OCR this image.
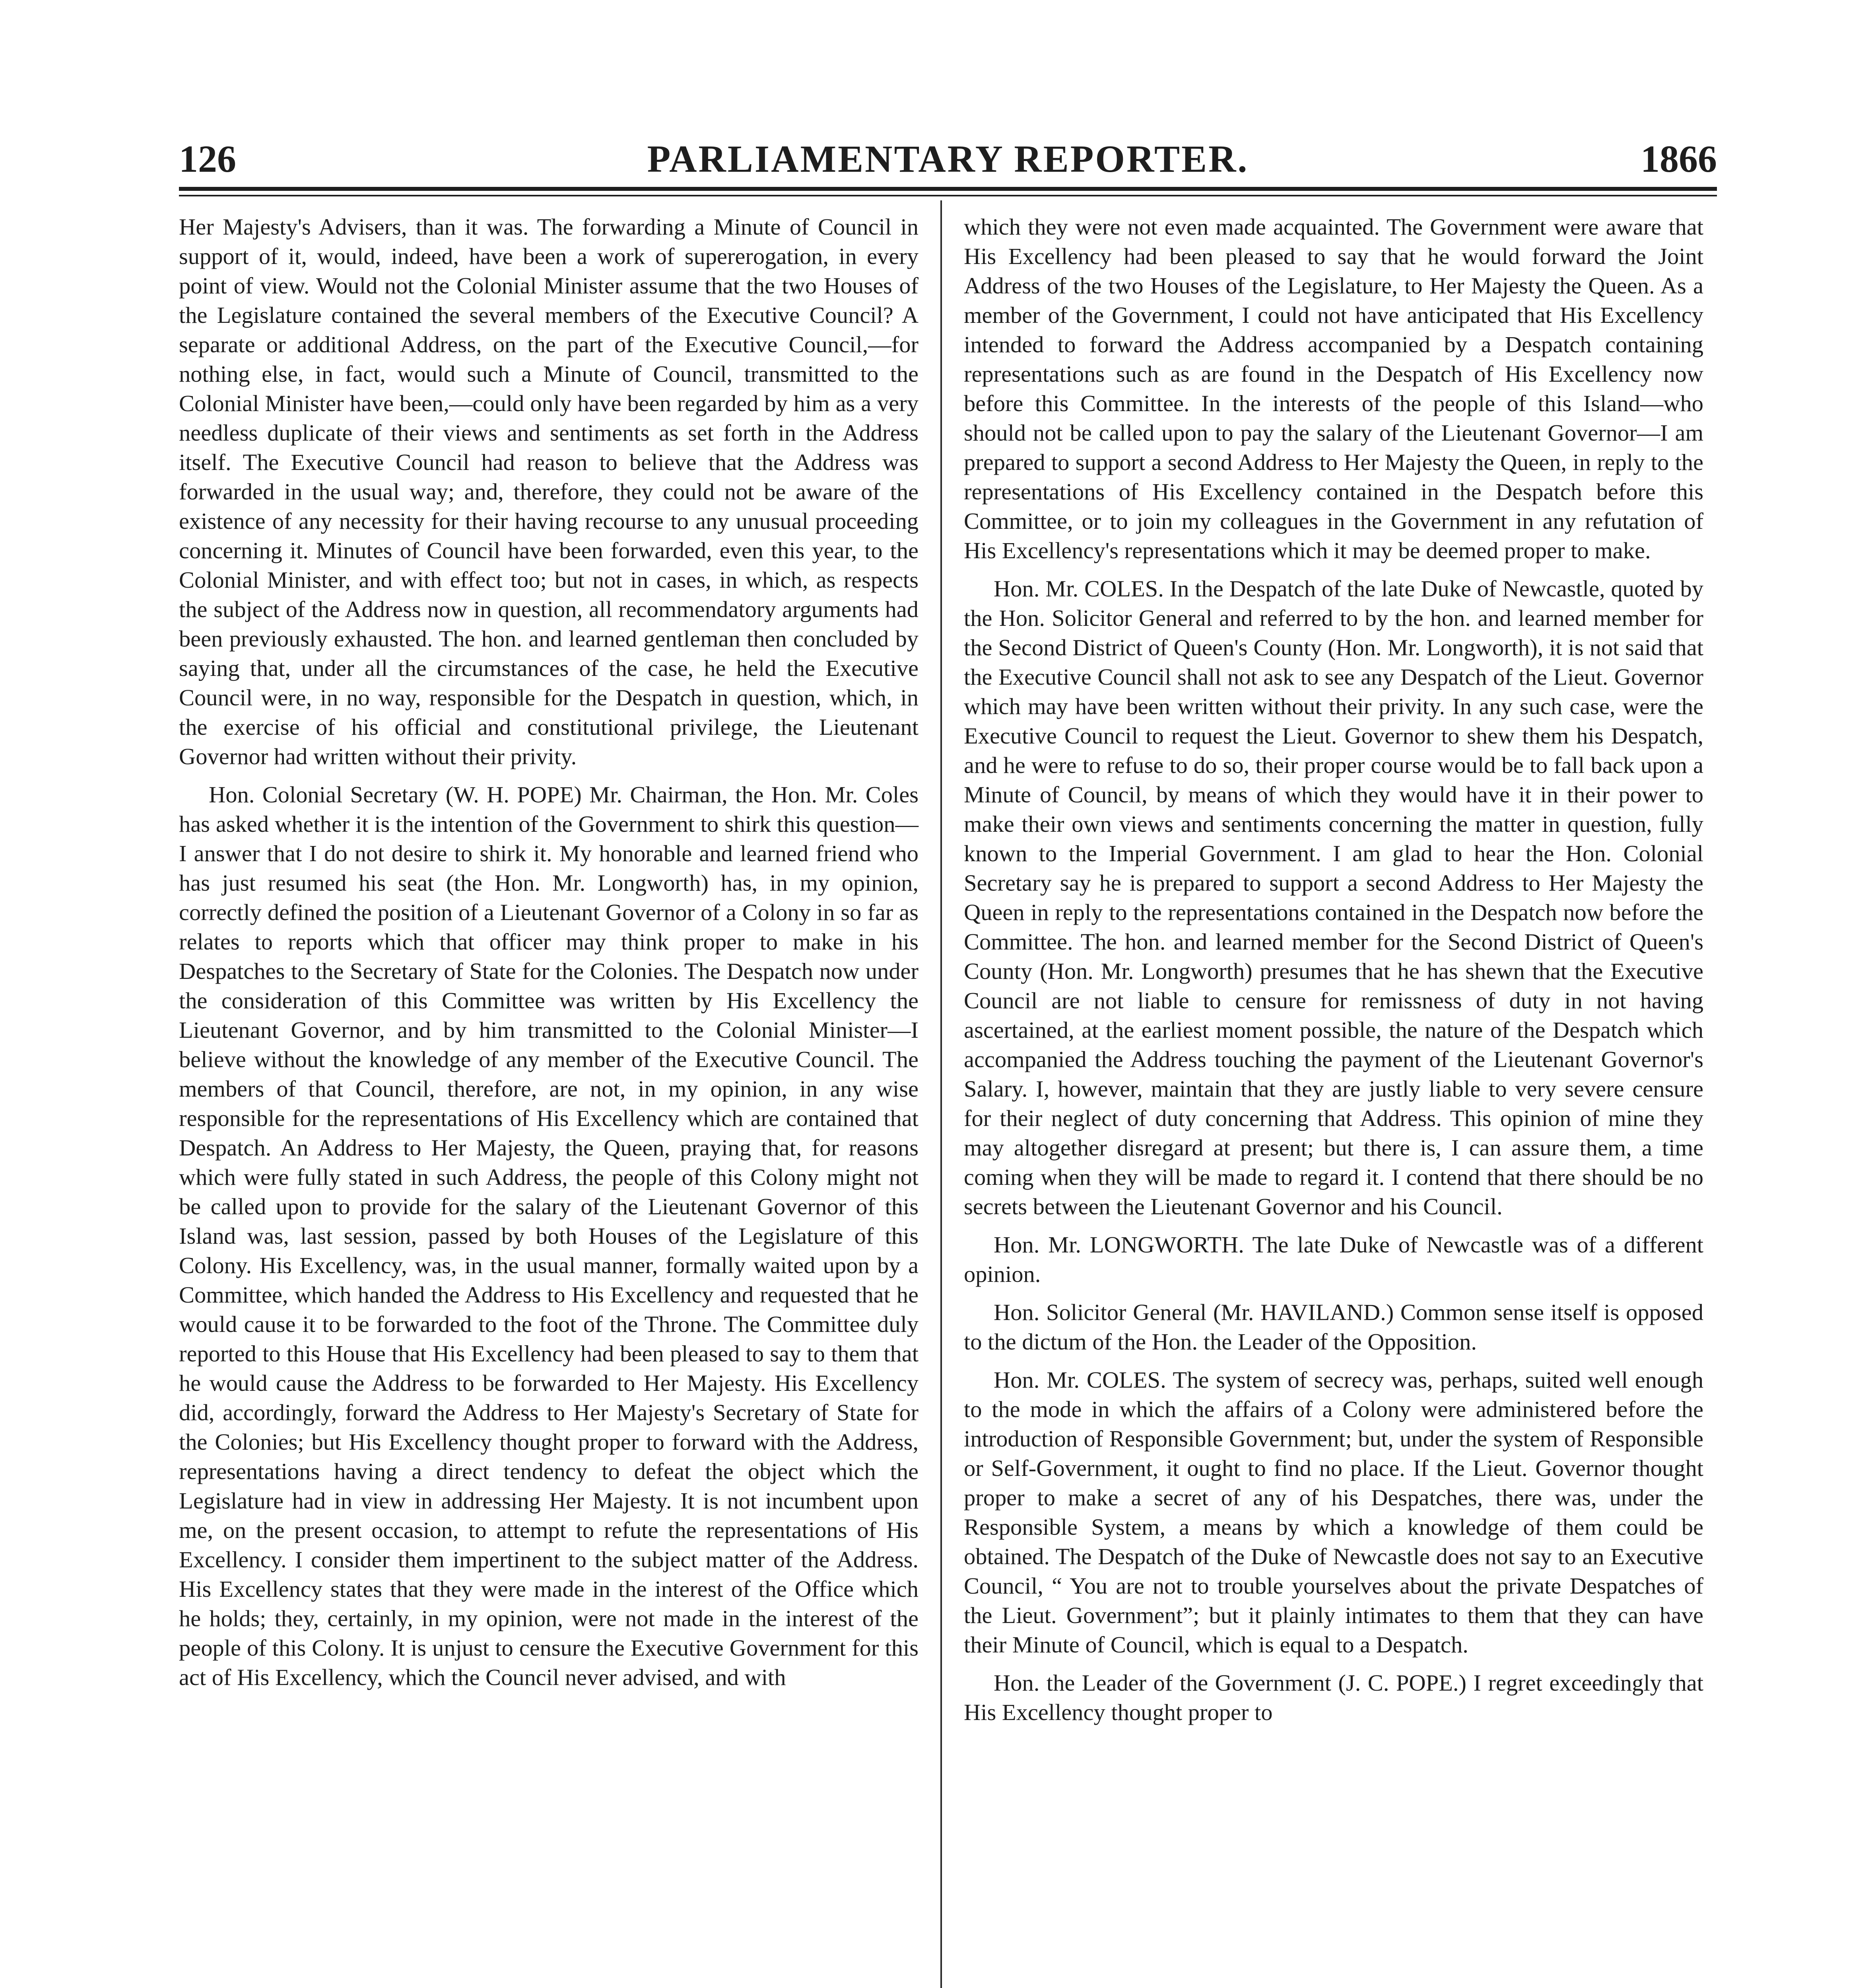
126	PARLIAMENTARY REPORTER.	1866

Her Majesty's Advisers, than it was. The forwarding a Minute of Council in support of it, would, indeed, have been a work of supererogation, in every point of view. Would not the Colonial Minister assume that the two Houses of the Legislature contained the several members of the Executive Council? A separate or additional Address, on the part of the Executive Council,—for nothing else, in fact, would such a Minute of Council, transmitted to the Colonial Minister have been,—could only have been regarded by him as a very needless duplicate of their views and sentiments as set forth in the Address itself. The Executive Council had reason to believe that the Address was forwarded in the usual way; and, therefore, they could not be aware of the existence of any necessity for their having recourse to any unusual proceeding concerning it. Minutes of Council have been forwarded, even this year, to the Colonial Minister, and with effect too; but not in cases, in which, as respects the subject of the Address now in question, all recommendatory arguments had been previously exhausted. The hon. and learned gentleman then concluded by saying that, under all the circumstances of the case, he held the Executive Council were, in no way, responsible for the Despatch in question, which, in the exercise of his official and constitutional privilege, the Lieutenant Governor had written without their privity.

Hon. Colonial Secretary (W. H. POPE) Mr. Chairman, the Hon. Mr. Coles has asked whether it is the intention of the Government to shirk this question—I answer that I do not desire to shirk it. My honorable and learned friend who has just resumed his seat (the Hon. Mr. Longworth) has, in my opinion, correctly defined the position of a Lieutenant Governor of a Colony in so far as relates to reports which that officer may think proper to make in his Despatches to the Secretary of State for the Colonies. The Despatch now under the consideration of this Committee was written by His Excellency the Lieutenant Governor, and by him transmitted to the Colonial Minister—I believe without the knowledge of any member of the Executive Council. The members of that Council, therefore, are not, in my opinion, in any wise responsible for the representations of His Excellency which are contained that Despatch. An Address to Her Majesty, the Queen, praying that, for reasons which were fully stated in such Address, the people of this Colony might not be called upon to provide for the salary of the Lieutenant Governor of this Island was, last session, passed by both Houses of the Legislature of this Colony. His Excellency, was, in the usual manner, formally waited upon by a Committee, which handed the Address to His Excellency and requested that he would cause it to be forwarded to the foot of the Throne. The Committee duly reported to this House that His Excellency had been pleased to say to them that he would cause the Address to be forwarded to Her Majesty. His Excellency did, accordingly, forward the Address to Her Majesty's Secretary of State for the Colonies; but His Excellency thought proper to forward with the Address, representations having a direct tendency to defeat the object which the Legislature had in view in addressing Her Majesty. It is not incumbent upon me, on the present occasion, to attempt to refute the representations of His Excellency. I consider them impertinent to the subject matter of the Address. His Excellency states that they were made in the interest of the Office which he holds; they, certainly, in my opinion, were not made in the interest of the people of this Colony. It is unjust to censure the Executive Government for this act of His Excellency, which the Council never advised, and with

which they were not even made acquainted. The Government were aware that His Excellency had been pleased to say that he would forward the Joint Address of the two Houses of the Legislature, to Her Majesty the Queen. As a member of the Government, I could not have anticipated that His Excellency intended to forward the Address accompanied by a Despatch containing representations such as are found in the Despatch of His Excellency now before this Committee. In the interests of the people of this Island—who should not be called upon to pay the salary of the Lieutenant Governor—I am prepared to support a second Address to Her Majesty the Queen, in reply to the representations of His Excellency contained in the Despatch before this Committee, or to join my colleagues in the Government in any refutation of His Excellency's representations which it may be deemed proper to make.

Hon. Mr. COLES. In the Despatch of the late Duke of Newcastle, quoted by the Hon. Solicitor General and referred to by the hon. and learned member for the Second District of Queen's County (Hon. Mr. Longworth), it is not said that the Executive Council shall not ask to see any Despatch of the Lieut. Governor which may have been written without their privity. In any such case, were the Executive Council to request the Lieut. Governor to shew them his Despatch, and he were to refuse to do so, their proper course would be to fall back upon a Minute of Council, by means of which they would have it in their power to make their own views and sentiments concerning the matter in question, fully known to the Imperial Government. I am glad to hear the Hon. Colonial Secretary say he is prepared to support a second Address to Her Majesty the Queen in reply to the representations contained in the Despatch now before the Committee. The hon. and learned member for the Second District of Queen's County (Hon. Mr. Longworth) presumes that he has shewn that the Executive Council are not liable to censure for remissness of duty in not having ascertained, at the earliest moment possible, the nature of the Despatch which accompanied the Address touching the payment of the Lieutenant Governor's Salary. I, however, maintain that they are justly liable to very severe censure for their neglect of duty concerning that Address. This opinion of mine they may altogether disregard at present; but there is, I can assure them, a time coming when they will be made to regard it. I contend that there should be no secrets between the Lieutenant Governor and his Council.

Hon. Mr. LONGWORTH. The late Duke of Newcastle was of a different opinion.

Hon. Solicitor General (Mr. HAVILAND.) Common sense itself is opposed to the dictum of the Hon. the Leader of the Opposition.

Hon. Mr. COLES. The system of secrecy was, perhaps, suited well enough to the mode in which the affairs of a Colony were administered before the introduction of Responsible Government; but, under the system of Responsible or Self-Government, it ought to find no place. If the Lieut. Governor thought proper to make a secret of any of his Despatches, there was, under the Responsible System, a means by which a knowledge of them could be obtained. The Despatch of the Duke of Newcastle does not say to an Executive Council, “ You are not to trouble yourselves about the private Despatches of the Lieut. Government”; but it plainly intimates to them that they can have their Minute of Council, which is equal to a Despatch.

Hon. the Leader of the Government (J. C. POPE.) I regret exceedingly that His Excellency thought proper to
